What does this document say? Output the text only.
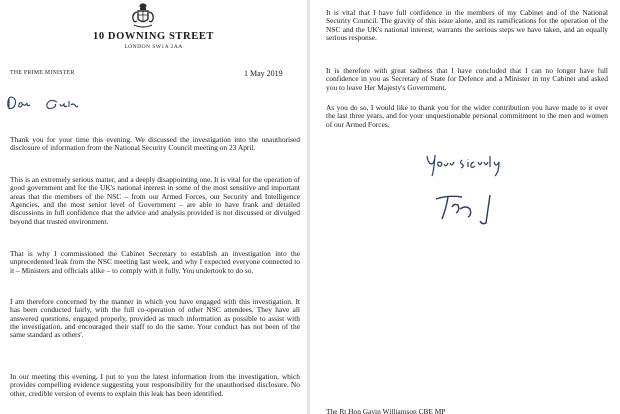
10 DOWNING STREET
LONDON SW1A 2AA
THE PRIME MINISTER	1 May 2019

Thank you for your time this evening. We discussed the investigation into the unauthorised disclosure of information from the National Security Council meeting on 23 April.

This is an extremely serious matter, and a deeply disappointing one. It is vital for the operation of good government and for the UK's national interest in some of the most sensitive and important areas that the members of the NSC – from our Armed Forces, our Security and Intelligence Agencies, and the most senior level of Government – are able to have frank and detailed discussions in full confidence that the advice and analysis provided is not discussed or divulged beyond that trusted environment.

That is why I commissioned the Cabinet Secretary to establish an investigation into the unprecedented leak from the NSC meeting last week, and why I expected everyone connected to it – Ministers and officials alike – to comply with it fully. You undertook to do so.

I am therefore concerned by the manner in which you have engaged with this investigation. It has been conducted fairly, with the full co-operation of other NSC attendees. They have all answered questions, engaged properly, provided as much information as possible to assist with the investigation, and encouraged their staff to do the same. Your conduct has not been of the same standard as others'.

In our meeting this evening, I put to you the latest information from the investigation, which provides compelling evidence suggesting your responsibility for the unauthorised disclosure. No other, credible version of events to explain this leak has been identified.

It is vital that I have full confidence in the members of my Cabinet and of the National Security Council. The gravity of this issue alone, and its ramifications for the operation of the NSC and the UK's national interest, warrants the serious steps we have taken, and an equally serious response.

It is therefore with great sadness that I have concluded that I can no longer have full confidence in you as Secretary of State for Defence and a Minister in my Cabinet and asked you to leave Her Majesty's Government.

As you do so, I would like to thank you for the wider contribution you have made to it over the last three years, and for your unquestionable personal commitment to the men and women of our Armed Forces.

The Rt Hon Gavin Williamson CBE MP
